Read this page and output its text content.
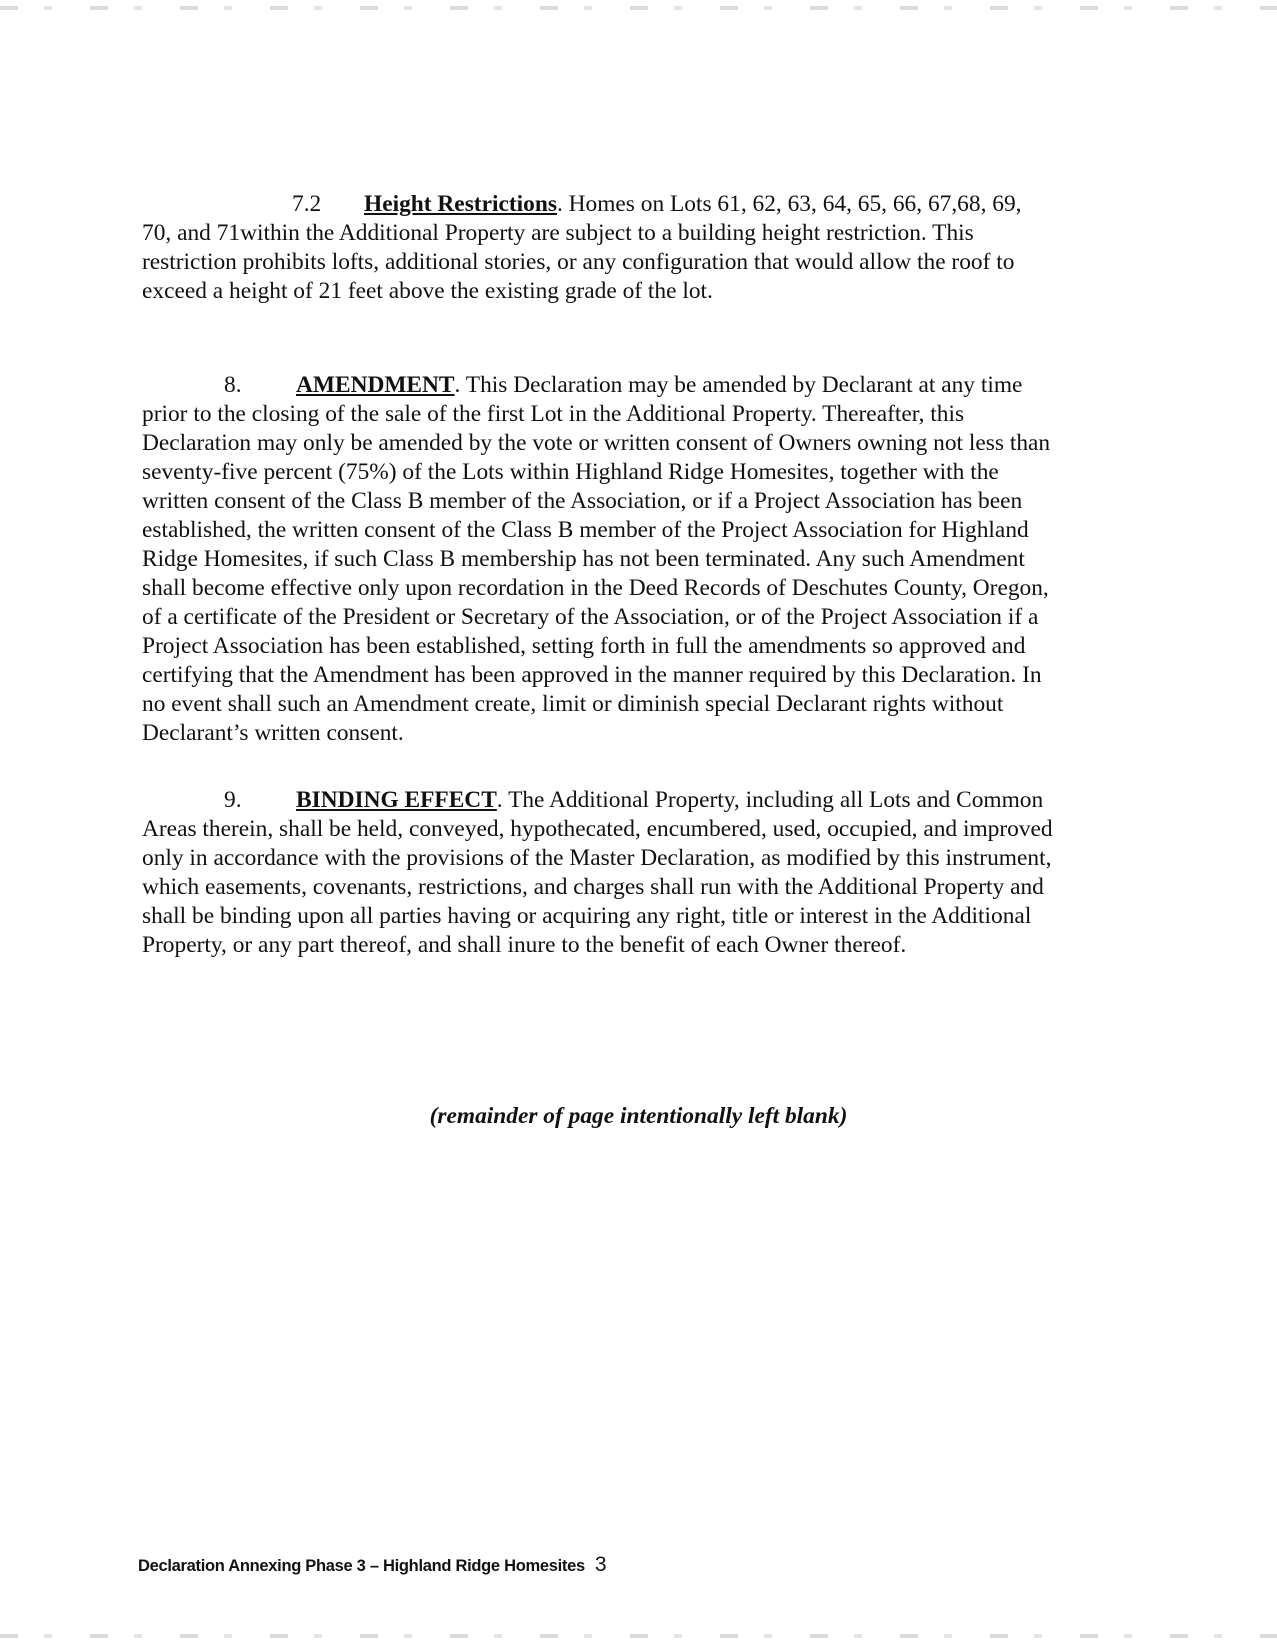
7.2 Height Restrictions. Homes on Lots 61, 62, 63, 64, 65, 66, 67,68, 69,
70, and 71within the Additional Property are subject to a building height restriction. This
restriction prohibits lofts, additional stories, or any configuration that would allow the roof to
exceed a height of 21 feet above the existing grade of the lot.
8. AMENDMENT. This Declaration may be amended by Declarant at any time
prior to the closing of the sale of the first Lot in the Additional Property. Thereafter, this
Declaration may only be amended by the vote or written consent of Owners owning not less than
seventy-five percent (75%) of the Lots within Highland Ridge Homesites, together with the
written consent of the Class B member of the Association, or if a Project Association has been
established, the written consent of the Class B member of the Project Association for Highland
Ridge Homesites, if such Class B membership has not been terminated. Any such Amendment
shall become effective only upon recordation in the Deed Records of Deschutes County, Oregon,
of a certificate of the President or Secretary of the Association, or of the Project Association if a
Project Association has been established, setting forth in full the amendments so approved and
certifying that the Amendment has been approved in the manner required by this Declaration. In
no event shall such an Amendment create, limit or diminish special Declarant rights without
Declarant’s written consent.
9. BINDING EFFECT. The Additional Property, including all Lots and Common
Areas therein, shall be held, conveyed, hypothecated, encumbered, used, occupied, and improved
only in accordance with the provisions of the Master Declaration, as modified by this instrument,
which easements, covenants, restrictions, and charges shall run with the Additional Property and
shall be binding upon all parties having or acquiring any right, title or interest in the Additional
Property, or any part thereof, and shall inure to the benefit of each Owner thereof.
(remainder of page intentionally left blank)
Declaration Annexing Phase 3 – Highland Ridge Homesites 3
